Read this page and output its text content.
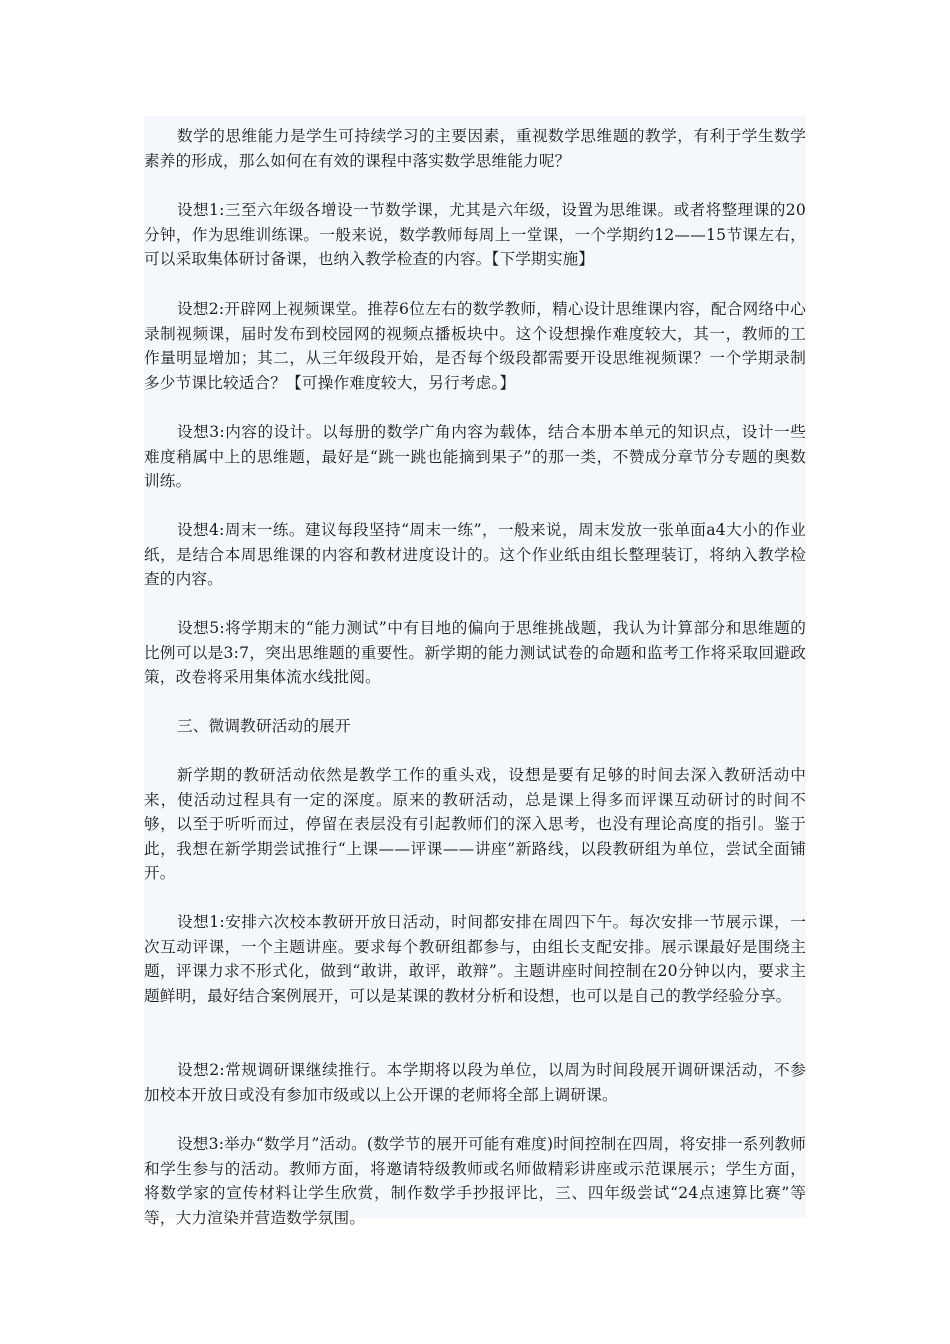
数学的思维能力是学生可持续学习的主要因素，重视数学思维题的教学，有利于学生数学素养的形成，那么如何在有效的课程中落实数学思维能力呢？

设想1:三至六年级各增设一节数学课，尤其是六年级，设置为思维课。或者将整理课的20分钟，作为思维训练课。一般来说，数学教师每周上一堂课，一个学期约12——15节课左右，可以采取集体研讨备课，也纳入教学检查的内容。【下学期实施】

设想2:开辟网上视频课堂。推荐6位左右的数学教师，精心设计思维课内容，配合网络中心录制视频课，届时发布到校园网的视频点播板块中。这个设想操作难度较大，其一，教师的工作量明显增加；其二，从三年级段开始，是否每个级段都需要开设思维视频课？一个学期录制多少节课比较适合？【可操作难度较大，另行考虑。】

设想3:内容的设计。以每册的数学广角内容为载体，结合本册本单元的知识点，设计一些难度稍属中上的思维题，最好是“跳一跳也能摘到果子”的那一类，不赞成分章节分专题的奥数训练。

设想4:周末一练。建议每段坚持“周末一练”，一般来说，周末发放一张单面a4大小的作业纸，是结合本周思维课的内容和教材进度设计的。这个作业纸由组长整理装订，将纳入教学检查的内容。

设想5:将学期末的“能力测试”中有目地的偏向于思维挑战题，我认为计算部分和思维题的比例可以是3:7，突出思维题的重要性。新学期的能力测试试卷的命题和监考工作将采取回避政策，改卷将采用集体流水线批阅。

三、微调教研活动的展开

新学期的教研活动依然是教学工作的重头戏，设想是要有足够的时间去深入教研活动中来，使活动过程具有一定的深度。原来的教研活动，总是课上得多而评课互动研讨的时间不够，以至于听听而过，停留在表层没有引起教师们的深入思考，也没有理论高度的指引。鉴于此，我想在新学期尝试推行“上课——评课——讲座”新路线，以段教研组为单位，尝试全面铺开。

设想1:安排六次校本教研开放日活动，时间都安排在周四下午。每次安排一节展示课，一次互动评课，一个主题讲座。要求每个教研组都参与，由组长支配安排。展示课最好是围绕主题，评课力求不形式化，做到“敢讲，敢评，敢辩”。主题讲座时间控制在20分钟以内，要求主题鲜明，最好结合案例展开，可以是某课的教材分析和设想，也可以是自己的教学经验分享。

设想2:常规调研课继续推行。本学期将以段为单位，以周为时间段展开调研课活动，不参加校本开放日或没有参加市级或以上公开课的老师将全部上调研课。

设想3:举办“数学月”活动。(数学节的展开可能有难度)时间控制在四周，将安排一系列教师和学生参与的活动。教师方面，将邀请特级教师或名师做精彩讲座或示范课展示；学生方面，将数学家的宣传材料让学生欣赏，制作数学手抄报评比，三、四年级尝试“24点速算比赛”等等，大力渲染并营造数学氛围。
